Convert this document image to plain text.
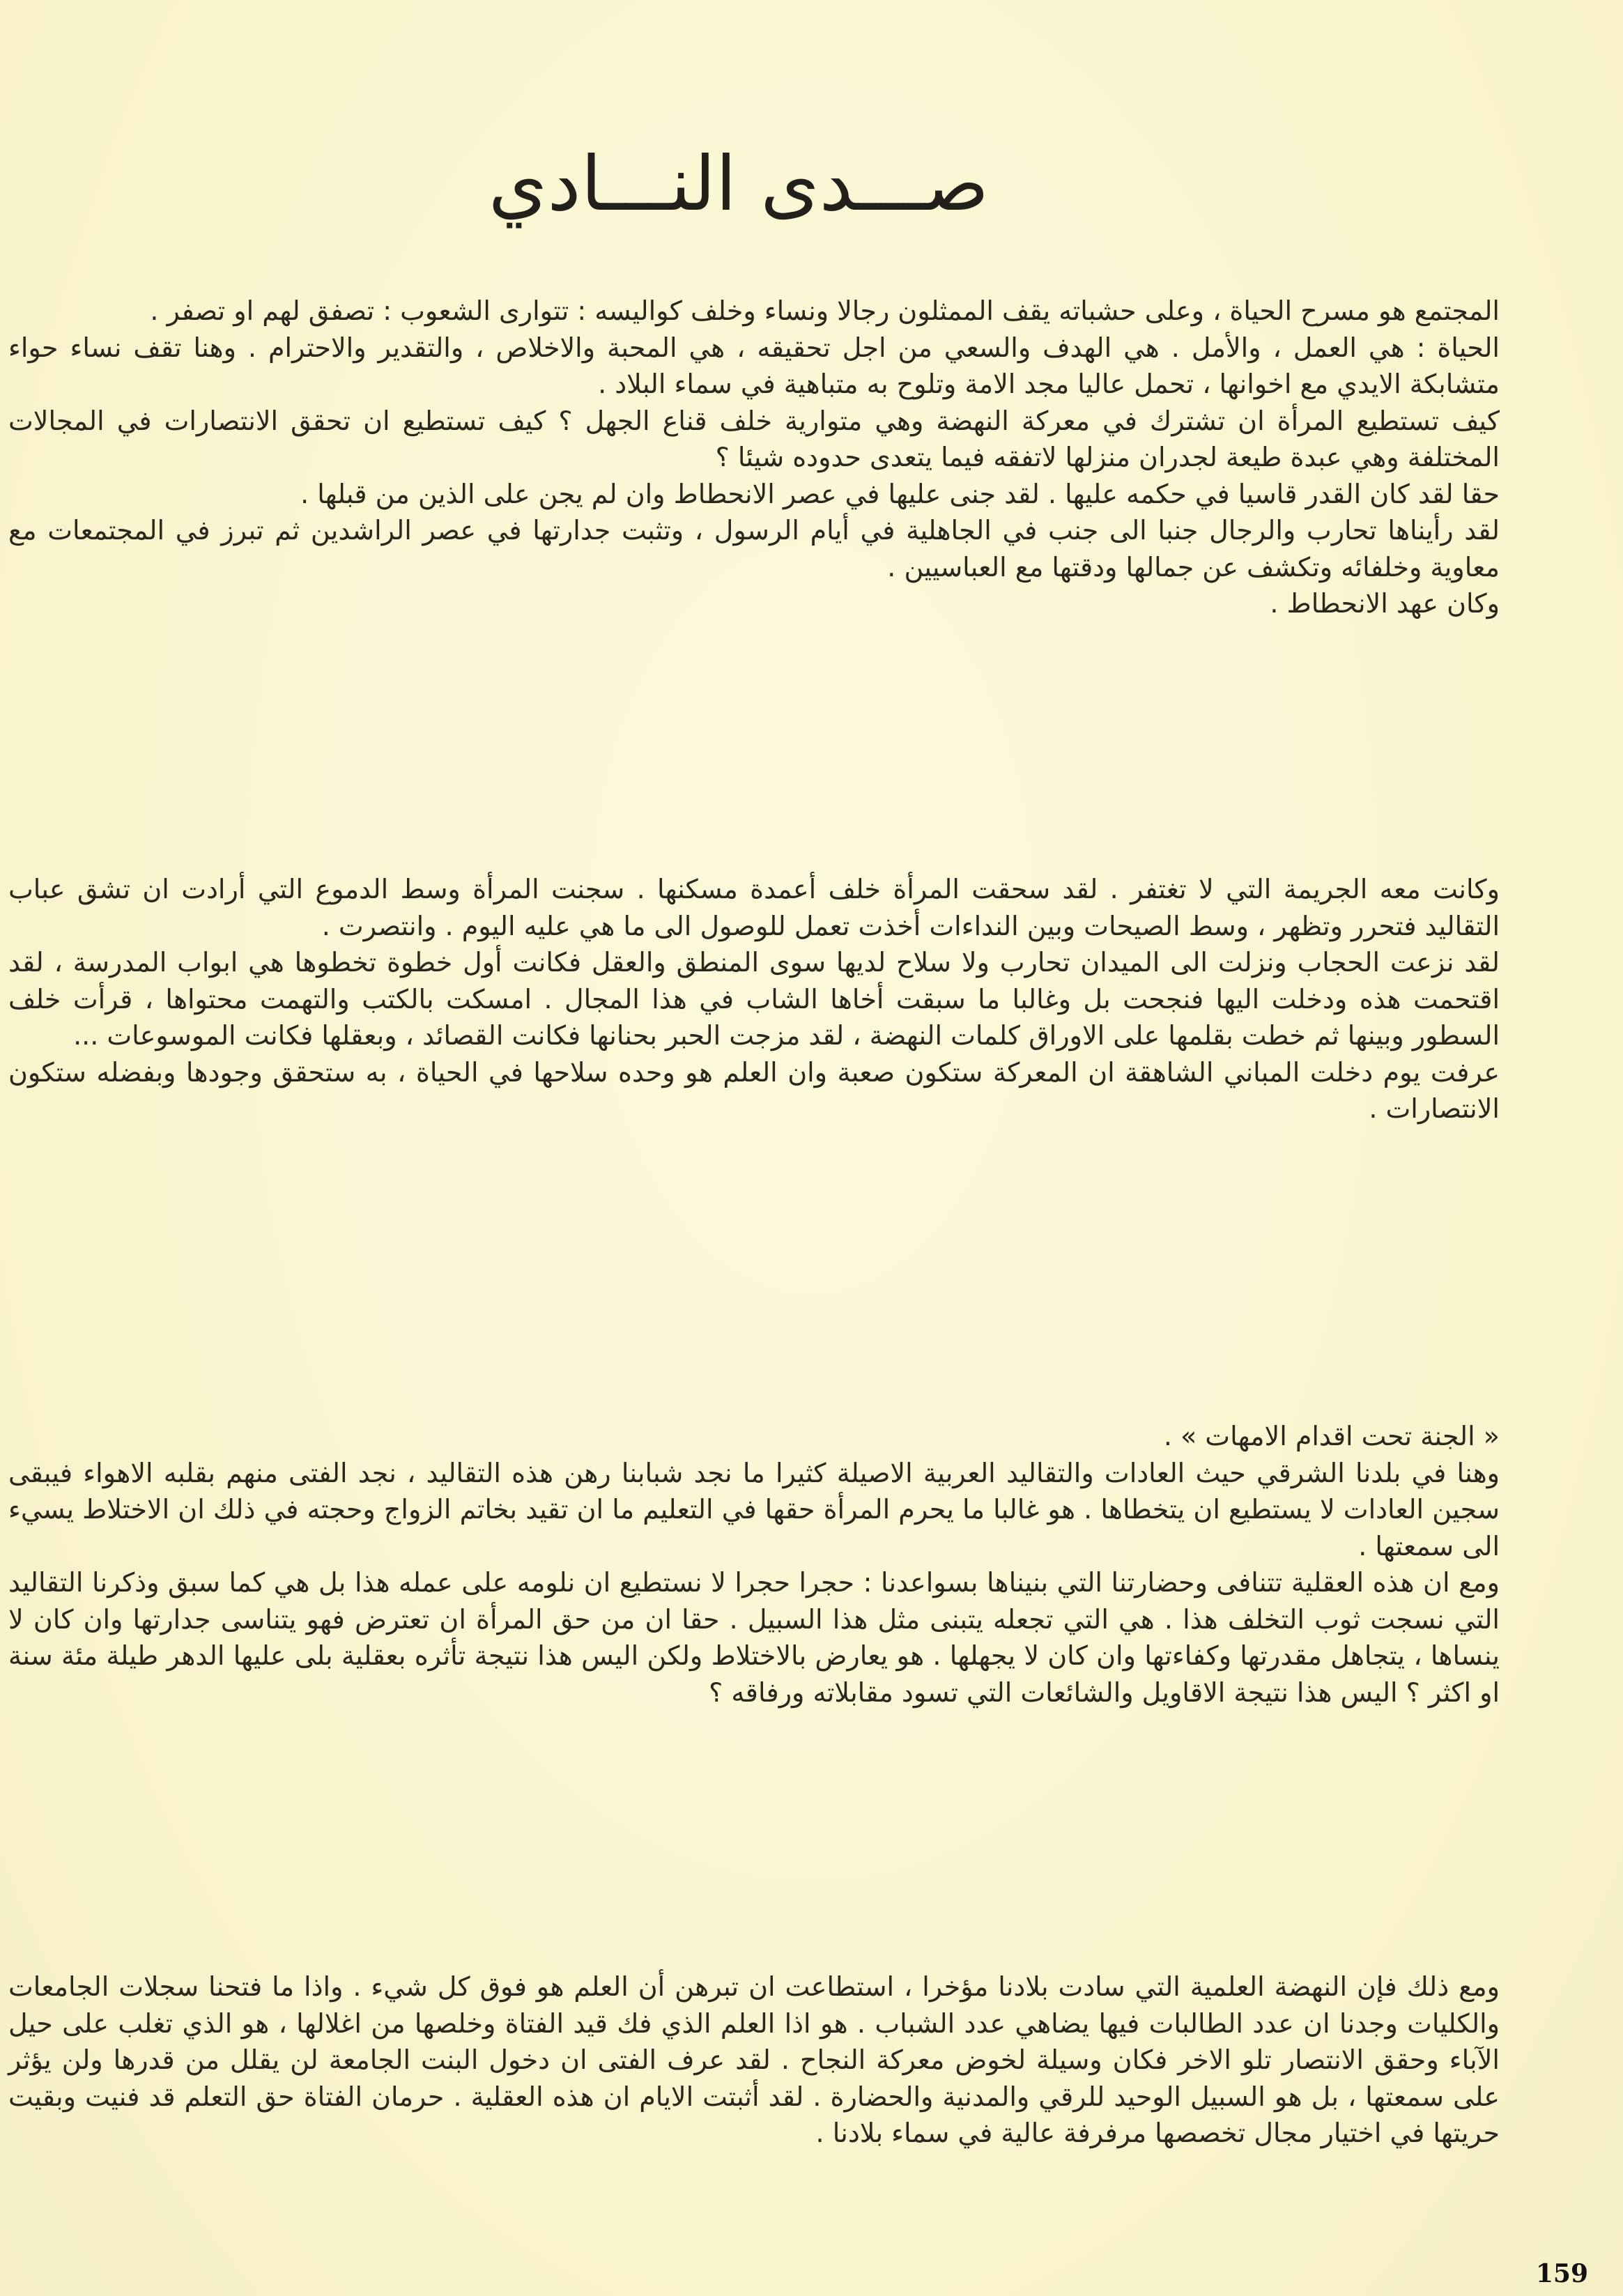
صـــدى النـــادي

المجتمع هو مسرح الحياة ، وعلى حشباته يقف الممثلون رجالا ونساء وخلف كواليسه : تتوارى الشعوب : تصفق لهم او تصفر .

الحياة : هي العمل ، والأمل . هي الهدف والسعي من اجل تحقيقه ، هي المحبة والاخلاص ، والتقدير والاحترام . وهنا تقف نساء حواء متشابكة الايدي مع اخوانها ، تحمل عاليا مجد الامة وتلوح به متباهية في سماء البلاد .

كيف تستطيع المرأة ان تشترك في معركة النهضة وهي متوارية خلف قناع الجهل ؟ كيف تستطيع ان تحقق الانتصارات في المجالات المختلفة وهي عبدة طيعة لجدران منزلها لاتفقه فيما يتعدى حدوده شيئا ؟

حقا لقد كان القدر قاسيا في حكمه عليها . لقد جنى عليها في عصر الانحطاط وان لم يجن على الذين من قبلها .

لقد رأيناها تحارب والرجال جنبا الى جنب في الجاهلية في أيام الرسول ، وتثبت جدارتها في عصر الراشدين ثم تبرز في المجتمعات مع معاوية وخلفائه وتكشف عن جمالها ودقتها مع العباسيين .

وكان عهد الانحطاط .

وكانت معه الجريمة التي لا تغتفر . لقد سحقت المرأة خلف أعمدة مسكنها . سجنت المرأة وسط الدموع التي أرادت ان تشق عباب التقاليد فتحرر وتظهر ، وسط الصيحات وبين النداءات أخذت تعمل للوصول الى ما هي عليه اليوم . وانتصرت .

لقد نزعت الحجاب ونزلت الى الميدان تحارب ولا سلاح لديها سوى المنطق والعقل فكانت أول خطوة تخطوها هي ابواب المدرسة ، لقد اقتحمت هذه ودخلت اليها فنجحت بل وغالبا ما سبقت أخاها الشاب في هذا المجال . امسكت بالكتب والتهمت محتواها ، قرأت خلف السطور وبينها ثم خطت بقلمها على الاوراق كلمات النهضة ، لقد مزجت الحبر بحنانها فكانت القصائد ، وبعقلها فكانت الموسوعات ...

عرفت يوم دخلت المباني الشاهقة ان المعركة ستكون صعبة وان العلم هو وحده سلاحها في الحياة ، به ستحقق وجودها وبفضله ستكون الانتصارات .

« الجنة تحت اقدام الامهات » .

وهنا في بلدنا الشرقي حيث العادات والتقاليد العربية الاصيلة كثيرا ما نجد شبابنا رهن هذه التقاليد ، نجد الفتى منهم بقلبه الاهواء فيبقى سجين العادات لا يستطيع ان يتخطاها . هو غالبا ما يحرم المرأة حقها في التعليم ما ان تقيد بخاتم الزواج وحجته في ذلك ان الاختلاط يسيء الى سمعتها .

ومع ان هذه العقلية تتنافى وحضارتنا التي بنيناها بسواعدنا : حجرا حجرا لا نستطيع ان نلومه على عمله هذا بل هي كما سبق وذكرنا التقاليد التي نسجت ثوب التخلف هذا . هي التي تجعله يتبنى مثل هذا السبيل . حقا ان من حق المرأة ان تعترض فهو يتناسى جدارتها وان كان لا ينساها ، يتجاهل مقدرتها وكفاءتها وان كان لا يجهلها . هو يعارض بالاختلاط ولكن اليس هذا نتيجة تأثره بعقلية بلى عليها الدهر طيلة مئة سنة او اكثر ؟ اليس هذا نتيجة الاقاويل والشائعات التي تسود مقابلاته ورفاقه ؟

ومع ذلك فإن النهضة العلمية التي سادت بلادنا مؤخرا ، استطاعت ان تبرهن أن العلم هو فوق كل شيء . واذا ما فتحنا سجلات الجامعات والكليات وجدنا ان عدد الطالبات فيها يضاهي عدد الشباب . هو اذا العلم الذي فك قيد الفتاة وخلصها من اغلالها ، هو الذي تغلب على حيل الآباء وحقق الانتصار تلو الاخر فكان وسيلة لخوض معركة النجاح . لقد عرف الفتى ان دخول البنت الجامعة لن يقلل من قدرها ولن يؤثر على سمعتها ، بل هو السبيل الوحيد للرقي والمدنية والحضارة . لقد أثبتت الايام ان هذه العقلية . حرمان الفتاة حق التعلم قد فنيت وبقيت حريتها في اختيار مجال تخصصها مرفرفة عالية في سماء بلادنا .

159
